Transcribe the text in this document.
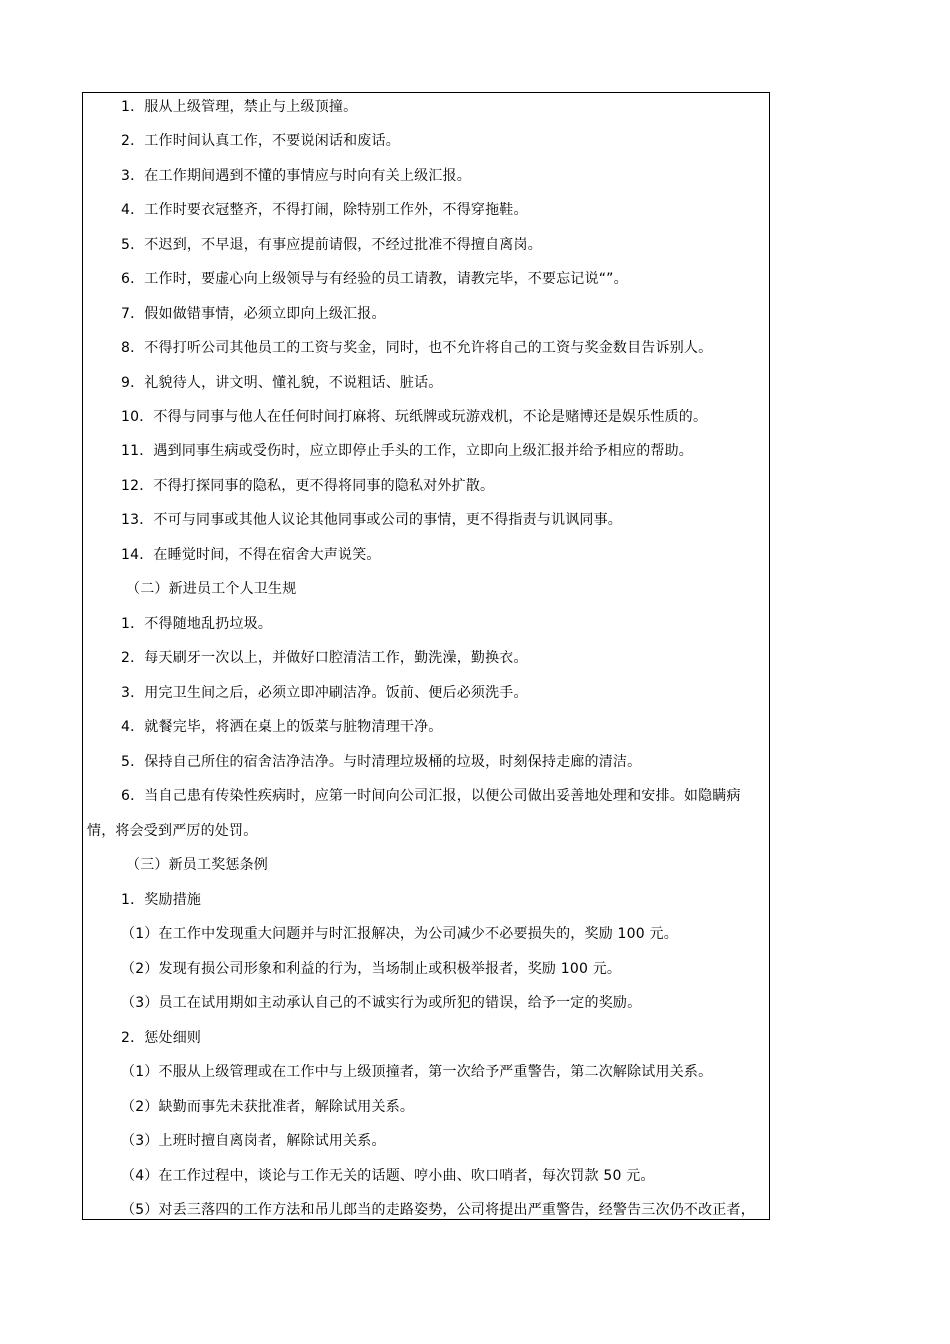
1．服从上级管理，禁止与上级顶撞。
2．工作时间认真工作，不要说闲话和废话。
3．在工作期间遇到不懂的事情应与时向有关上级汇报。
4．工作时要衣冠整齐，不得打闹，除特别工作外，不得穿拖鞋。
5．不迟到，不早退，有事应提前请假，不经过批准不得擅自离岗。
6．工作时，要虚心向上级领导与有经验的员工请教，请教完毕，不要忘记说“”。
7．假如做错事情，必须立即向上级汇报。
8．不得打听公司其他员工的工资与奖金，同时，也不允许将自己的工资与奖金数目告诉别人。
9．礼貌待人，讲文明、懂礼貌，不说粗话、脏话。
10．不得与同事与他人在任何时间打麻将、玩纸牌或玩游戏机，不论是赌博还是娱乐性质的。
11．遇到同事生病或受伤时，应立即停止手头的工作，立即向上级汇报并给予相应的帮助。
12．不得打探同事的隐私，更不得将同事的隐私对外扩散。
13．不可与同事或其他人议论其他同事或公司的事情，更不得指责与讥讽同事。
14．在睡觉时间，不得在宿舍大声说笑。
（二）新进员工个人卫生规
1．不得随地乱扔垃圾。
2．每天刷牙一次以上，并做好口腔清洁工作，勤洗澡，勤换衣。
3．用完卫生间之后，必须立即冲刷洁净。饭前、便后必须洗手。
4．就餐完毕，将洒在桌上的饭菜与脏物清理干净。
5．保持自己所住的宿舍洁净洁净。与时清理垃圾桶的垃圾，时刻保持走廊的清洁。
6．当自己患有传染性疾病时，应第一时间向公司汇报，以便公司做出妥善地处理和安排。如隐瞒病
情，将会受到严厉的处罚。
（三）新员工奖惩条例
1．奖励措施
（1）在工作中发现重大问题并与时汇报解决，为公司减少不必要损失的，奖励 100 元。
（2）发现有损公司形象和利益的行为，当场制止或积极举报者，奖励 100 元。
（3）员工在试用期如主动承认自己的不诚实行为或所犯的错误，给予一定的奖励。
2．惩处细则
（1）不服从上级管理或在工作中与上级顶撞者，第一次给予严重警告，第二次解除试用关系。
（2）缺勤而事先未获批准者，解除试用关系。
（3）上班时擅自离岗者，解除试用关系。
（4）在工作过程中，谈论与工作无关的话题、哼小曲、吹口哨者，每次罚款 50 元。
（5）对丢三落四的工作方法和吊儿郎当的走路姿势，公司将提出严重警告，经警告三次仍不改正者，
